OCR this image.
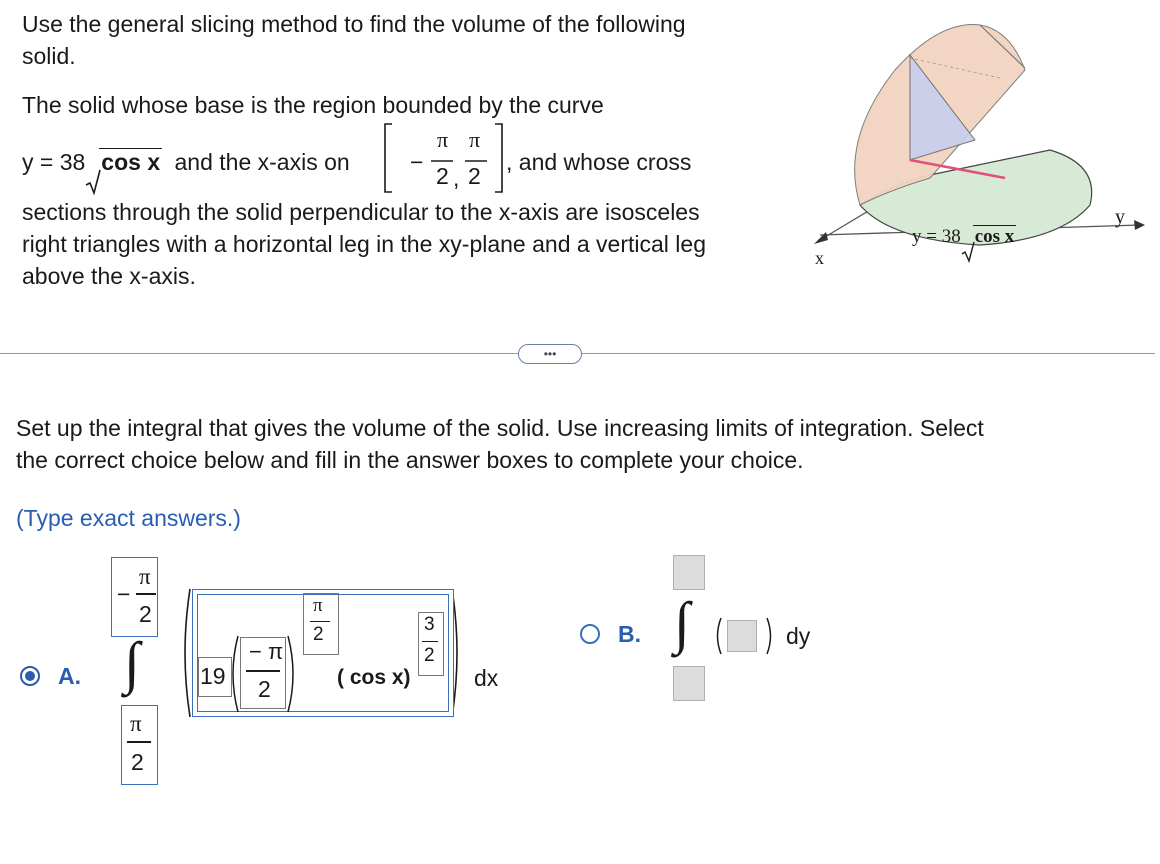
Use the general slicing method to find the volume of the following
solid.
The solid whose base is the region bounded by the curve
y = 38 cos x and the x-axis on	−
π
2 ,
π
2
, and whose cross
sections through the solid perpendicular to the x-axis are isosceles
right triangles with a horizontal leg in the xy-plane and a vertical leg
above the x-axis.
x
y
y = 38 cos x
•••
Set up the integral that gives the volume of the solid. Use increasing limits of integration. Select
the correct choice below and fill in the answer boxes to complete your choice.
(Type exact answers.)
A.
−
π
2
∫
π
2
19
− π
2
π
2
( cos x)
3
2
dx
B. ∫	dy
